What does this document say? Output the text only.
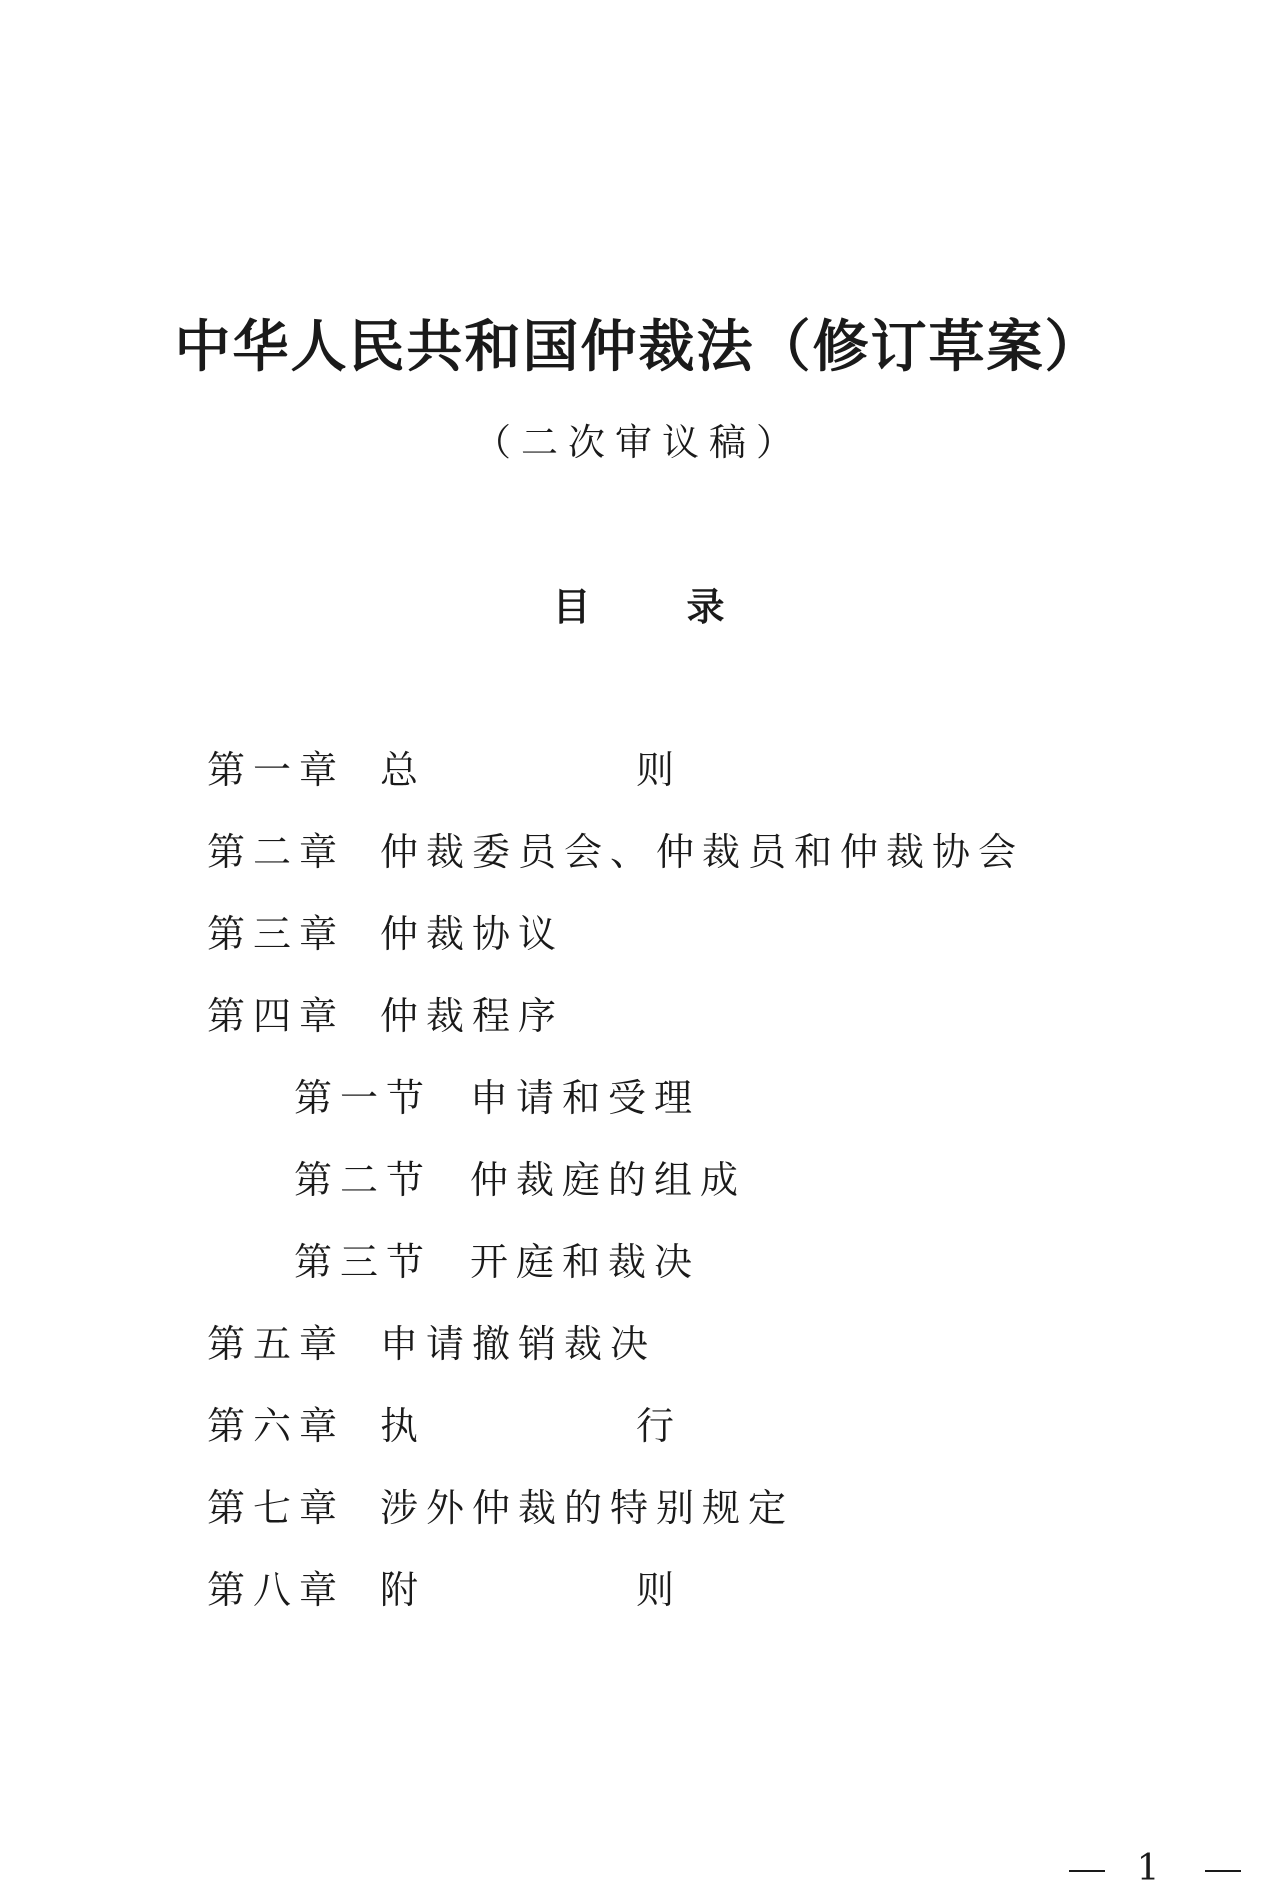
中华人民共和国仲裁法（修订草案）
（二次审议稿）
目	录
第一章 总　则
第二章 仲裁委员会、仲裁员和仲裁协会
第三章 仲裁协议
第四章 仲裁程序
第一节 申请和受理
第二节 仲裁庭的组成
第三节 开庭和裁决
第五章 申请撤销裁决
第六章 执　行
第七章 涉外仲裁的特别规定
第八章 附　则
1
